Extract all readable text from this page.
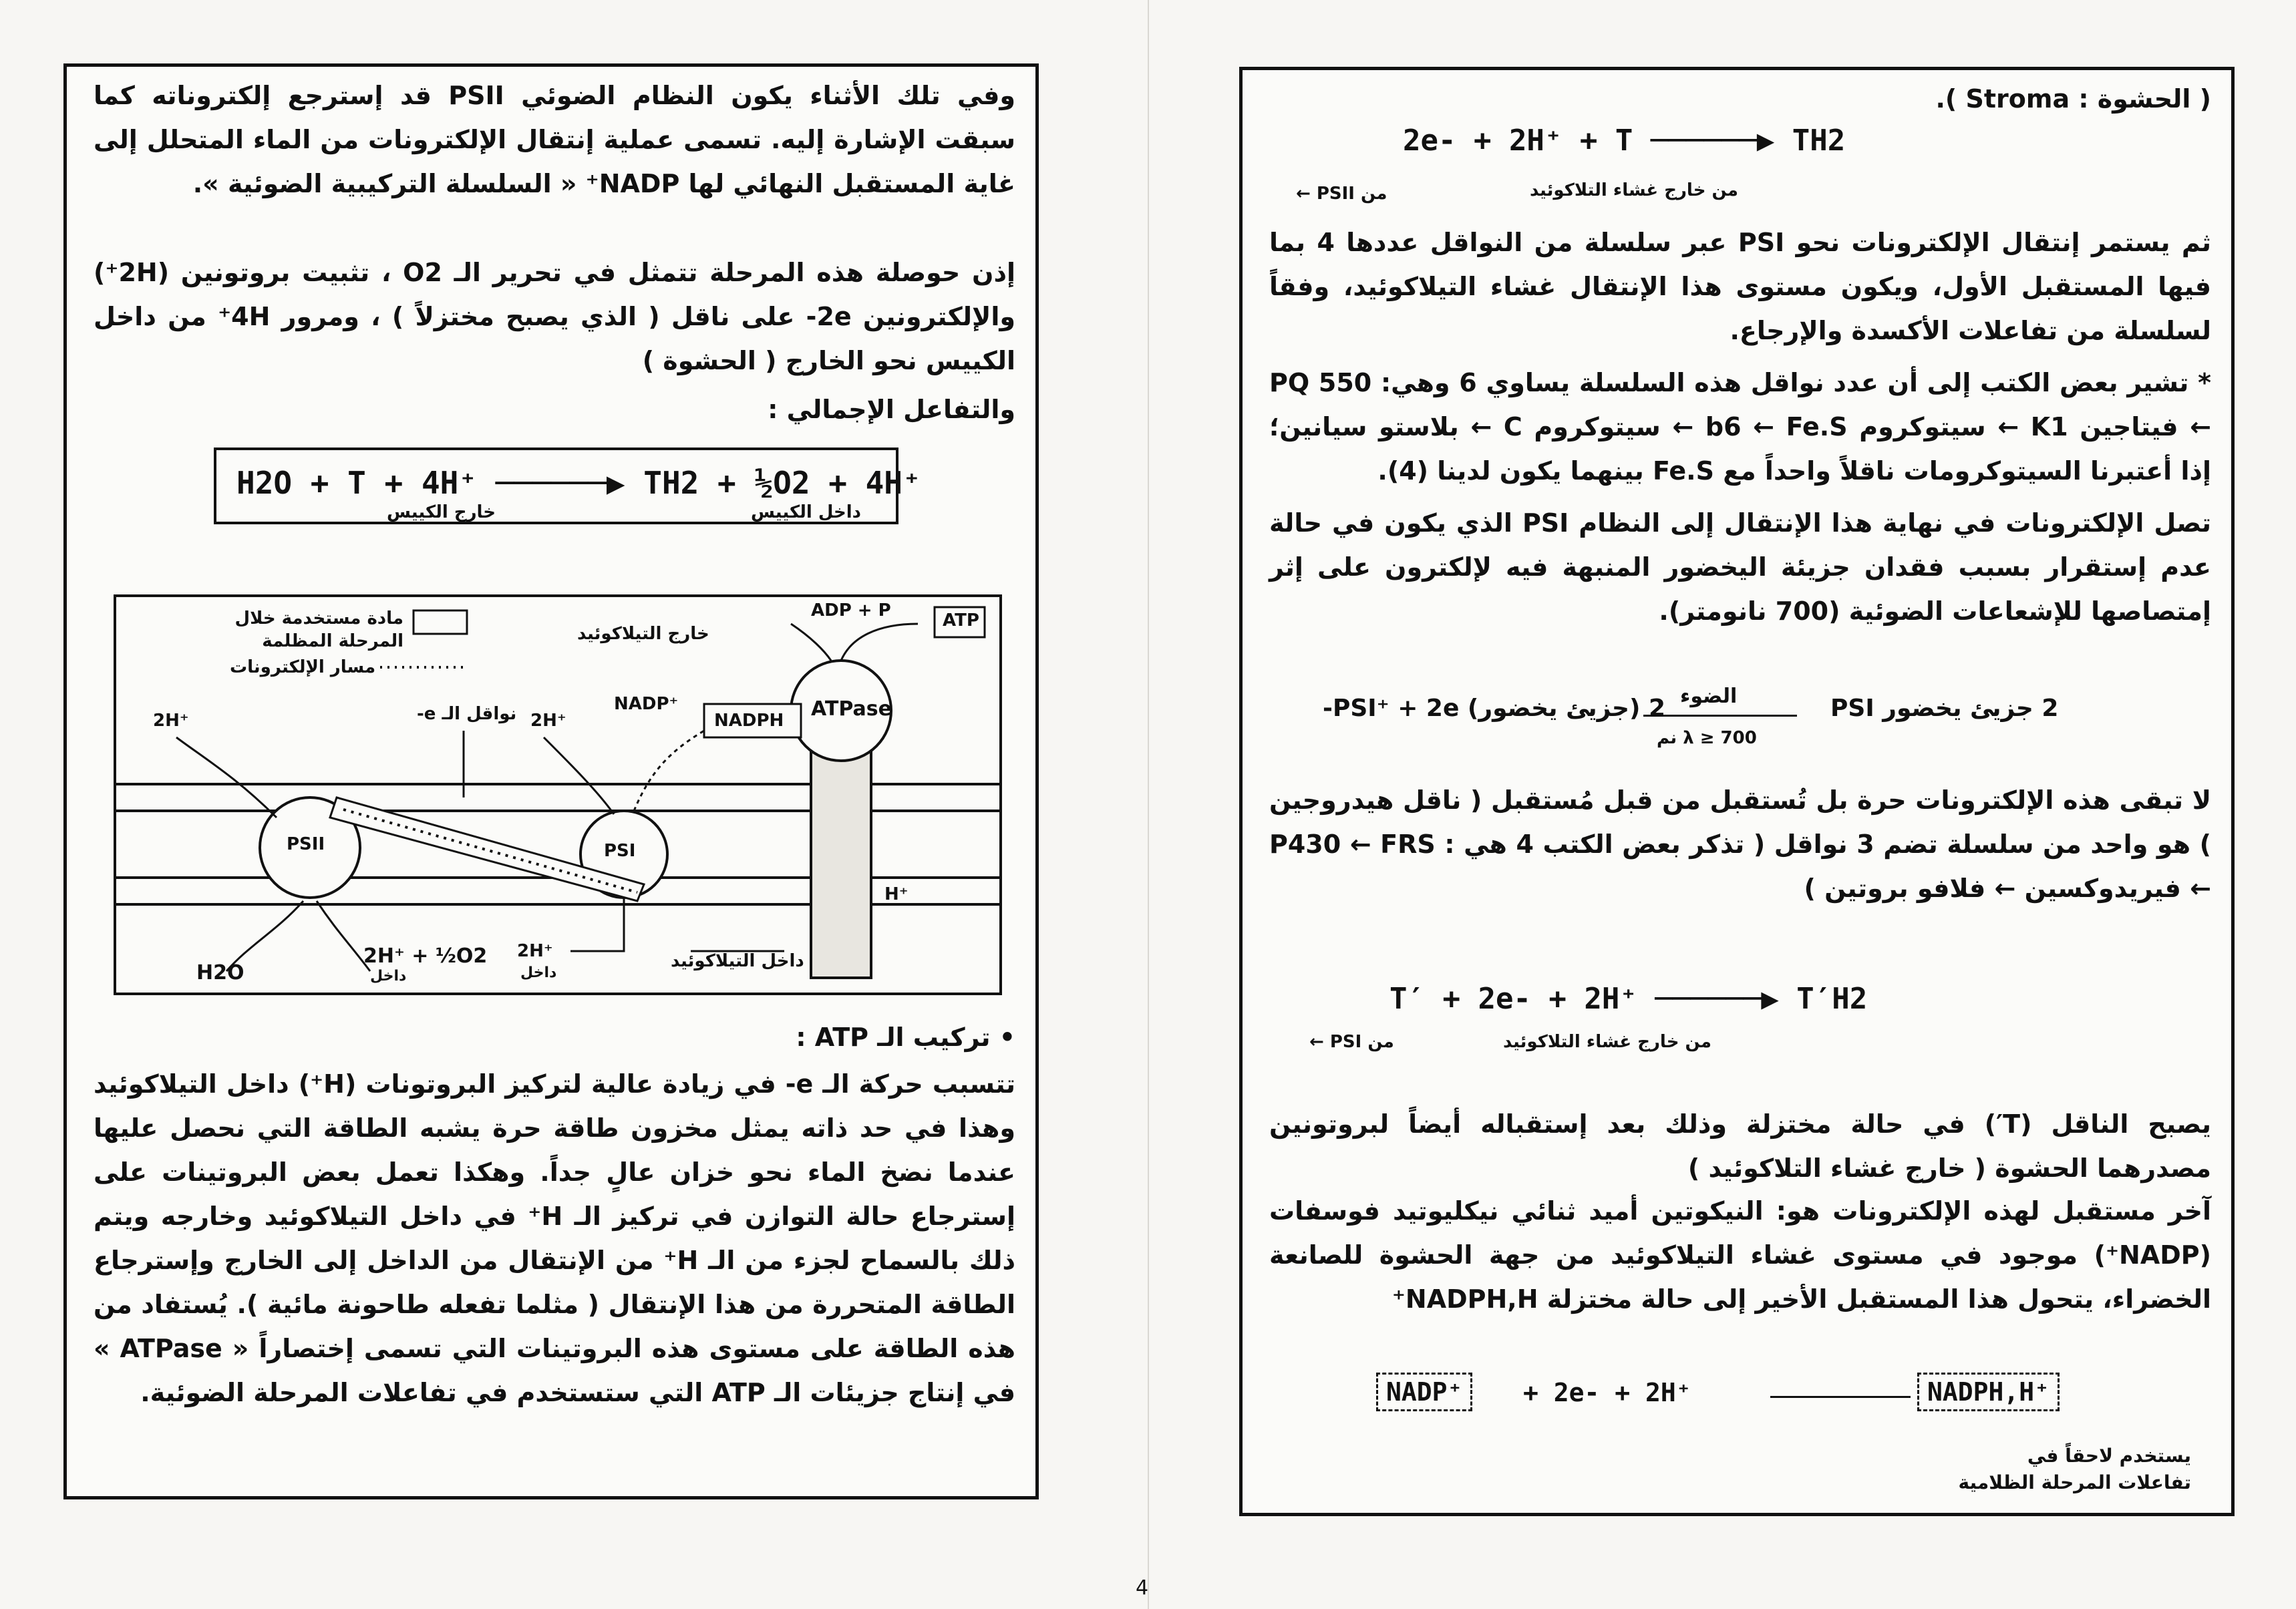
وفي تلك الأثناء يكون النظام الضوئي PSII قد إسترجع إلكتروناته كما سبقت الإشارة إليه. تسمى عملية إنتقال الإلكترونات من الماء المتحلل إلى غاية المستقبل النهائي لها NADP⁺ « السلسلة التركيبية الضوئية ».

إذن حوصلة هذه المرحلة تتمثل في تحرير الـ O2 ، تثبيت بروتونين (2H⁺) والإلكترونين 2e- على ناقل ( الذي يصبح مختزلاً ) ، ومرور 4H⁺ من داخل الكييس نحو الخارج ( الحشوة )

والتفاعل الإجمالي :

H2O + T + 4H⁺ ──────▶ TH2 + ½O2 + 4H⁺
خارج الكييس	داخل الكييس
مادة مستخدمة خلال المرحلة المظلمة
مسار الإلكترونات
خارج التيلاكوئيد
داخل التيلاكوئيد
نواقل الـ e-
ADP + P	ATP
ATPase
NADP⁺
NADPH
2H⁺	2H⁺
PSII	PSI
H2O
2H⁺ + ½O2
داخل
2H⁺
داخل
H⁺

• تركيب الـ ATP :

تتسبب حركة الـ e- في زيادة عالية لتركيز البروتونات (H⁺) داخل التيلاكوئيد وهذا في حد ذاته يمثل مخزون طاقة حرة يشبه الطاقة التي نحصل عليها عندما نضخ الماء نحو خزان عالٍ جداً. وهكذا تعمل بعض البروتينات على إسترجاع حالة التوازن في تركيز الـ H⁺ في داخل التيلاكوئيد وخارجه ويتم ذلك بالسماح لجزء من الـ H⁺ من الإنتقال من الداخل إلى الخارج وإسترجاع الطاقة المتحررة من هذا الإنتقال ( مثلما تفعله طاحونة مائية ). يُستفاد من هذه الطاقة على مستوى هذه البروتينات التي تسمى إختصاراً « ATPase » في إنتاج جزيئات الـ ATP التي ستستخدم في تفاعلات المرحلة الضوئية.

( الحشوة : Stroma ).

2e- + 2H⁺ + T ──────▶ TH2
من PSII ←	من خارج غشاء التلاكوئيد

ثم يستمر إنتقال الإلكترونات نحو PSI عبر سلسلة من النواقل عددها 4 بما فيها المستقبل الأول، ويكون مستوى هذا الإنتقال غشاء التيلاكوئيد، وفقاً لسلسلة من تفاعلات الأكسدة والإرجاع.

* تشير بعض الكتب إلى أن عدد نواقل هذه السلسلة يساوي 6 وهي: 550 PQ ← فيتاجين K1 ← سيتوكروم b6 ← Fe.S ← سيتوكروم C ← بلاستو سيانين؛ إذا أعتبرنا السيتوكرومات ناقلاً واحداً مع Fe.S بينهما يكون لدينا (4).

تصل الإلكترونات في نهاية هذا الإنتقال إلى النظام PSI الذي يكون في حالة عدم إستقرار بسبب فقدان جزيئة اليخضور المنبهة فيه لإلكترون على إثر إمتصاصها للإشعاعات الضوئية (700 نانومتر).

2 (جزيئ يخضور) PSI⁺ + 2e- الضوء
λ ≥ 700 نم
2 جزيئ يخضور PSI

لا تبقى هذه الإلكترونات حرة بل تُستقبل من قبل مُستقبل ( ناقل هيدروجين ) هو واحد من سلسلة تضم 3 نواقل ( تذكر بعض الكتب 4 هي : P430 ← FRS ← فيريدوكسين ← فلافو بروتين )

T′ + 2e- + 2H⁺ ──────▶ T′H2
من PSI ←	من خارج غشاء التلاكوئيد

يصبح الناقل (T′) في حالة مختزلة وذلك بعد إستقباله أيضاً لبروتونين مصدرهما الحشوة ( خارج غشاء التلاكوئيد )

آخر مستقبل لهذه الإلكترونات هو: النيكوتين أميد ثنائي نيكليوتيد فوسفات (NADP⁺) موجود في مستوى غشاء التيلاكوئيد من جهة الحشوة للصانعة الخضراء، يتحول هذا المستقبل الأخير إلى حالة مختزلة NADPH,H⁺

NADP⁺	+ 2e- + 2H⁺	NADPH,H⁺
يستخدم لاحقاً في تفاعلات المرحلة الظلامية
4
